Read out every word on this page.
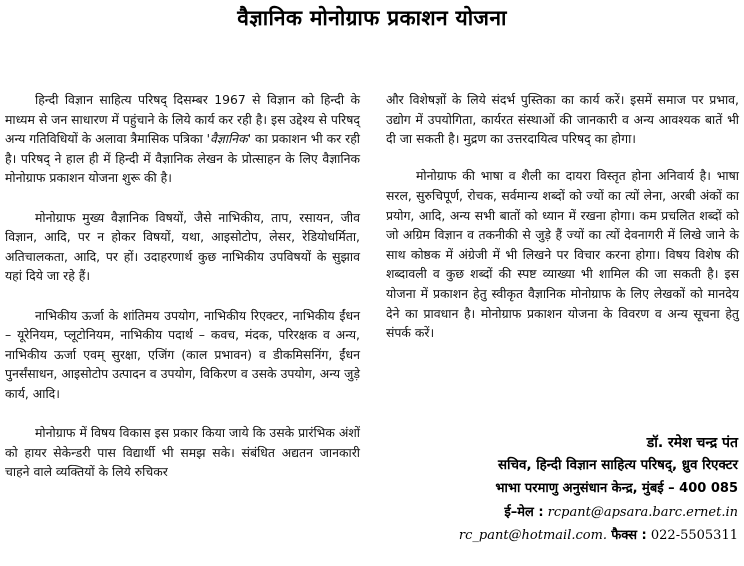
वैज्ञानिक मोनोग्राफ प्रकाशन योजना

हिन्दी विज्ञान साहित्य परिषद् दिसम्बर 1967 से विज्ञान को हिन्दी के माध्यम से जन साधारण में पहुंचाने के लिये कार्य कर रही है। इस उद्देश्य से परिषद् अन्य गतिविधियों के अलावा त्रैमासिक पत्रिका 'वैज्ञानिक' का प्रकाशन भी कर रही है। परिषद् ने हाल ही में हिन्दी में वैज्ञानिक लेखन के प्रोत्साहन के लिए वैज्ञानिक मोनोग्राफ प्रकाशन योजना शुरू की है।

मोनोग्राफ मुख्य वैज्ञानिक विषयों, जैसे नाभिकीय, ताप, रसायन, जीव विज्ञान, आदि, पर न होकर विषयों, यथा, आइसोटोप, लेसर, रेडियोधर्मिता, अतिचालकता, आदि, पर हों। उदाहरणार्थ कुछ नाभिकीय उपविषयों के सुझाव यहां दिये जा रहे हैं।

नाभिकीय ऊर्जा के शांतिमय उपयोग, नाभिकीय रिएक्टर, नाभिकीय ईंधन – यूरेनियम, प्लूटोनियम, नाभिकीय पदार्थ – कवच, मंदक, परिरक्षक व अन्य, नाभिकीय ऊर्जा एवम् सुरक्षा, एजिंग (काल प्रभावन) व डीकमिसनिंग, ईंधन पुनर्संसाधन, आइसोटोप उत्पादन व उपयोग, विकिरण व उसके उपयोग, अन्य जुड़े कार्य, आदि।

मोनोग्राफ में विषय विकास इस प्रकार किया जाये कि उसके प्रारंभिक अंशों को हायर सेकेन्डरी पास विद्यार्थी भी समझ सके। संबंधित अद्यतन जानकारी चाहने वाले व्यक्तियों के लिये रुचिकर

और विशेषज्ञों के लिये संदर्भ पुस्तिका का कार्य करें। इसमें समाज पर प्रभाव, उद्योग में उपयोगिता, कार्यरत संस्थाओं की जानकारी व अन्य आवश्यक बातें भी दी जा सकती है। मुद्रण का उत्तरदायित्व परिषद् का होगा।

मोनोग्राफ की भाषा व शैली का दायरा विस्तृत होना अनिवार्य है। भाषा सरल, सुरुचिपूर्ण, रोचक, सर्वमान्य शब्दों को ज्यों का त्यों लेना, अरबी अंकों का प्रयोग, आदि, अन्य सभी बातों को ध्यान में रखना होगा। कम प्रचलित शब्दों को जो अग्रिम विज्ञान व तकनीकी से जुड़े हैं ज्यों का त्यों देवनागरी में लिखे जाने के साथ कोष्ठक में अंग्रेजी में भी लिखने पर विचार करना होगा। विषय विशेष की शब्दावली व कुछ शब्दों की स्पष्ट व्याख्या भी शामिल की जा सकती है। इस योजना में प्रकाशन हेतु स्वीकृत वैज्ञानिक मोनोग्राफ के लिए लेखकों को मानदेय देने का प्रावधान है। मोनोग्राफ प्रकाशन योजना के विवरण व अन्य सूचना हेतु संपर्क करें।

डॉ. रमेश चन्द्र पंत
सचिव, हिन्दी विज्ञान साहित्य परिषद्, ध्रुव रिएक्टर
भाभा परमाणु अनुसंधान केन्द्र, मुंबई – 400 085
ई–मेल : rcpant@apsara.barc.ernet.in
rc_pant@hotmail.com. फैक्स : 022-5505311
